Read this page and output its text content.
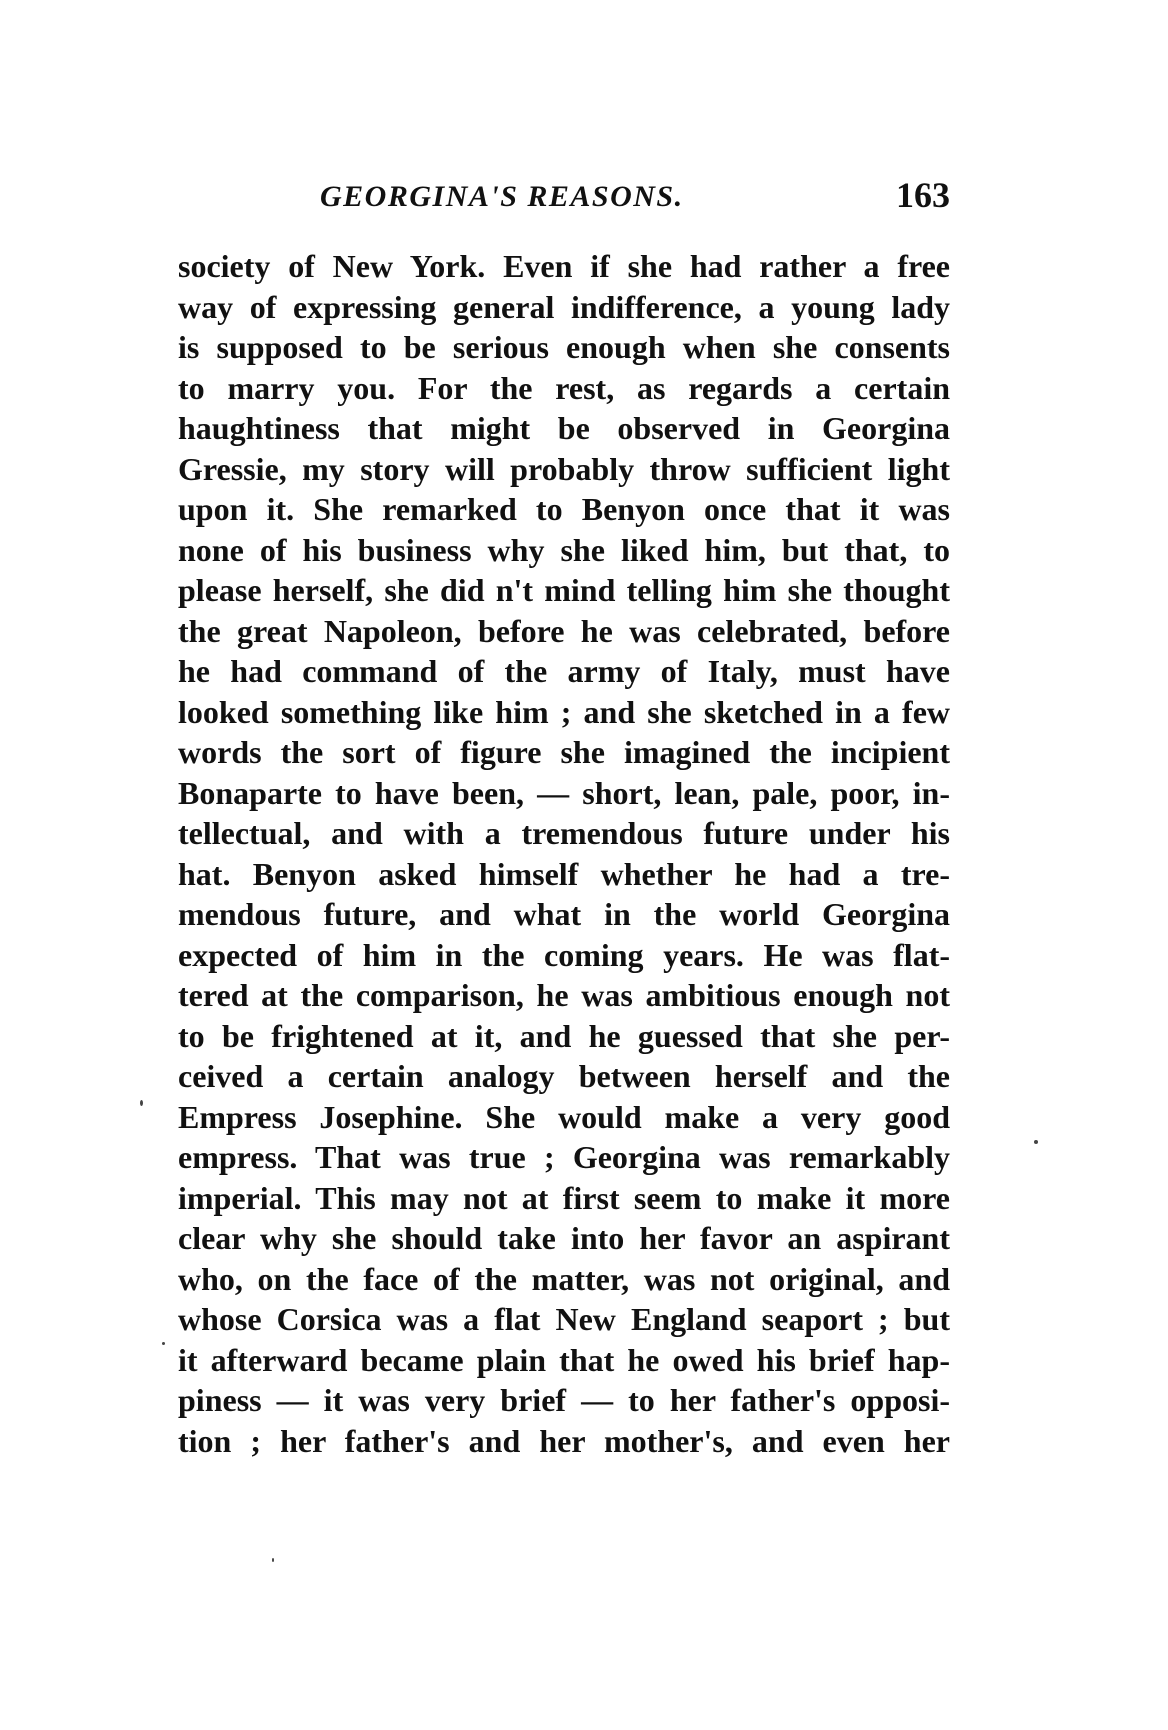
GEORGINA'S REASONS.	163
society of New York. Even if she had rather a free
way of expressing general indifference, a young lady
is supposed to be serious enough when she consents
to marry you. For the rest, as regards a certain
haughtiness that might be observed in Georgina
Gressie, my story will probably throw sufficient light
upon it. She remarked to Benyon once that it was
none of his business why she liked him, but that, to
please herself, she did n't mind telling him she thought
the great Napoleon, before he was celebrated, before
he had command of the army of Italy, must have
looked something like him ; and she sketched in a few
words the sort of figure she imagined the incipient
Bonaparte to have been, — short, lean, pale, poor, in-
tellectual, and with a tremendous future under his
hat. Benyon asked himself whether he had a tre-
mendous future, and what in the world Georgina
expected of him in the coming years. He was flat-
tered at the comparison, he was ambitious enough not
to be frightened at it, and he guessed that she per-
ceived a certain analogy between herself and the
Empress Josephine. She would make a very good
empress. That was true ; Georgina was remarkably
imperial. This may not at first seem to make it more
clear why she should take into her favor an aspirant
who, on the face of the matter, was not original, and
whose Corsica was a flat New England seaport ; but
it afterward became plain that he owed his brief hap-
piness — it was very brief — to her father's opposi-
tion ; her father's and her mother's, and even her
